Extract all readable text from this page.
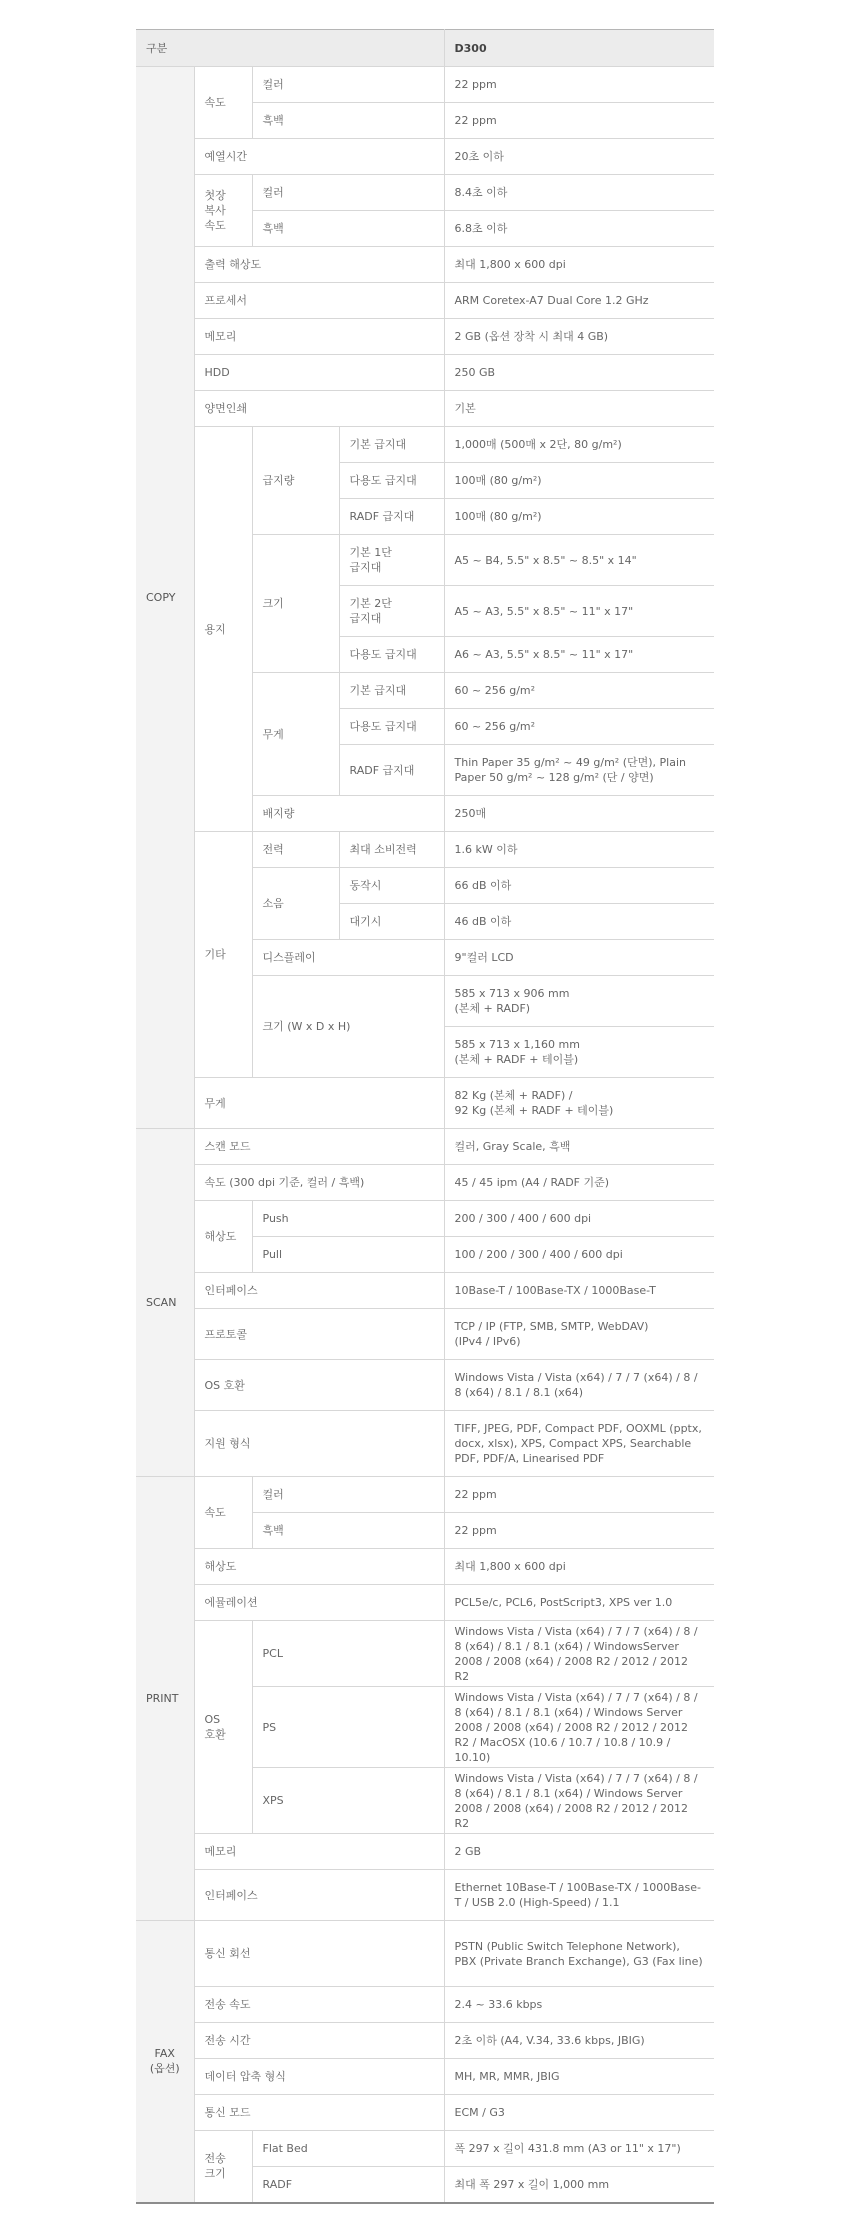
구분				D300

COPY	속도	컬러		22 ppm

		흑백		22 ppm

	예열시간			20초 이하

	첫장
복사
속도	컬러		8.4초 이하

		흑백		6.8초 이하

	출력 해상도			최대 1,800 x 600 dpi

	프로세서			ARM Coretex-A7 Dual Core 1.2 GHz

	메모리			2 GB (옵션 장착 시 최대 4 GB)

	HDD			250 GB

	양면인쇄			기본

	용지	급지량	기본 급지대	1,000매 (500매 x 2단, 80 g/m²)

			다용도 급지대	100매 (80 g/m²)

			RADF 급지대	100매 (80 g/m²)

		크기	기본 1단
급지대	A5 ~ B4, 5.5" x 8.5" ~ 8.5" x 14"

			기본 2단
급지대	A5 ~ A3, 5.5" x 8.5" ~ 11" x 17"

			다용도 급지대	A6 ~ A3, 5.5" x 8.5" ~ 11" x 17"

		무게	기본 급지대	60 ~ 256 g/m²

			다용도 급지대	60 ~ 256 g/m²

			RADF 급지대	Thin Paper 35 g/m² ~ 49 g/m² (단면), Plain Paper 50 g/m² ~ 128 g/m² (단 / 양면)

		배지량		250매

	기타	전력	최대 소비전력	1.6 kW 이하

		소음	동작시	66 dB 이하

			대기시	46 dB 이하

		디스플레이		9"컬러 LCD

		크기 (W x D x H)		585 x 713 x 906 mm
(본체 + RADF)

				585 x 713 x 1,160 mm
(본체 + RADF + 테이블)

	무게			82 Kg (본체 + RADF) /
92 Kg (본체 + RADF + 테이블)

SCAN	스캔 모드			컬러, Gray Scale, 흑백

	속도 (300 dpi 기준, 컬러 / 흑백)			45 / 45 ipm (A4 / RADF 기준)

	해상도	Push		200 / 300 / 400 / 600 dpi

		Pull		100 / 200 / 300 / 400 / 600 dpi

	인터페이스			10Base-T / 100Base-TX / 1000Base-T

	프로토콜			TCP / IP (FTP, SMB, SMTP, WebDAV)
(IPv4 / IPv6)

	OS 호환			Windows Vista / Vista (x64) / 7 / 7 (x64) / 8 / 8 (x64) / 8.1 / 8.1 (x64)

	지원 형식			TIFF, JPEG, PDF, Compact PDF, OOXML (pptx, docx, xlsx), XPS, Compact XPS, Searchable PDF, PDF/A, Linearised PDF

PRINT	속도	컬러		22 ppm

		흑백		22 ppm

	해상도			최대 1,800 x 600 dpi

	에뮬레이션			PCL5e/c, PCL6, PostScript3, XPS ver 1.0

	OS
호환	PCL		Windows Vista / Vista (x64) / 7 / 7 (x64) / 8 / 8 (x64) / 8.1 / 8.1 (x64) / WindowsServer 2008 / 2008 (x64) / 2008 R2 / 2012 / 2012 R2

		PS		Windows Vista / Vista (x64) / 7 / 7 (x64) / 8 / 8 (x64) / 8.1 / 8.1 (x64) / Windows Server 2008 / 2008 (x64) / 2008 R2 / 2012 / 2012 R2 / MacOSX (10.6 / 10.7 / 10.8 / 10.9 / 10.10)

		XPS		Windows Vista / Vista (x64) / 7 / 7 (x64) / 8 / 8 (x64) / 8.1 / 8.1 (x64) / Windows Server 2008 / 2008 (x64) / 2008 R2 / 2012 / 2012 R2

	메모리			2 GB

	인터페이스			Ethernet 10Base-T / 100Base-TX / 1000Base-T / USB 2.0 (High-Speed) / 1.1

FAX
(옵션)	통신 회선			PSTN (Public Switch Telephone Network), PBX (Private Branch Exchange), G3 (Fax line)

	전송 속도			2.4 ~ 33.6 kbps

	전송 시간			2초 이하 (A4, V.34, 33.6 kbps, JBIG)

	데이터 압축 형식			MH, MR, MMR, JBIG

	통신 모드			ECM / G3

	전송
크기	Flat Bed		폭 297 x 길이 431.8 mm (A3 or 11" x 17")

		RADF		최대 폭 297 x 길이 1,000 mm
